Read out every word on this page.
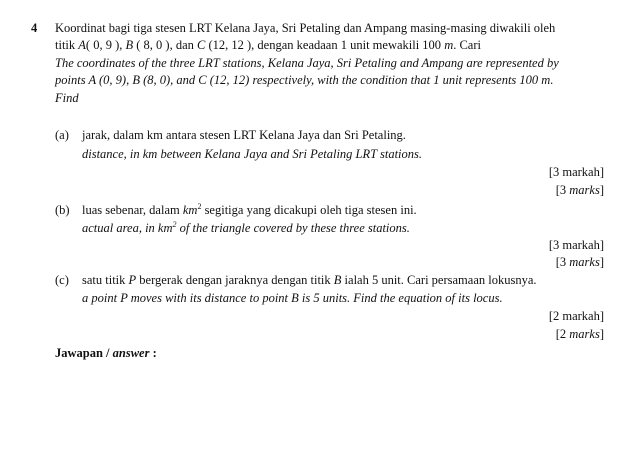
4 Koordinat bagi tiga stesen LRT Kelana Jaya, Sri Petaling dan Ampang masing-masing diwakili oleh
titik A( 0, 9 ), B ( 8, 0 ), dan C (12, 12 ), dengan keadaan 1 unit mewakili 100 m. Cari
The coordinates of the three LRT stations, Kelana Jaya, Sri Petaling and Ampang are represented by
points A (0, 9), B (8, 0), and C (12, 12) respectively, with the condition that 1 unit represents 100 m.
Find
(a) jarak, dalam km antara stesen LRT Kelana Jaya dan Sri Petaling.
distance, in km between Kelana Jaya and Sri Petaling LRT stations.
[3 markah]
[3 marks]
(b) luas sebenar, dalam $km^2$ segitiga yang dicakupi oleh tiga stesen ini.
actual area, in $km^2$ of the triangle covered by these three stations.
[3 markah]
[3 marks]
(c) satu titik P bergerak dengan jaraknya dengan titik B ialah 5 unit. Cari persamaan lokusnya.
a point P moves with its distance to point B is 5 units. Find the equation of its locus.
[2 markah]
[2 marks]
Jawapan / answer :
